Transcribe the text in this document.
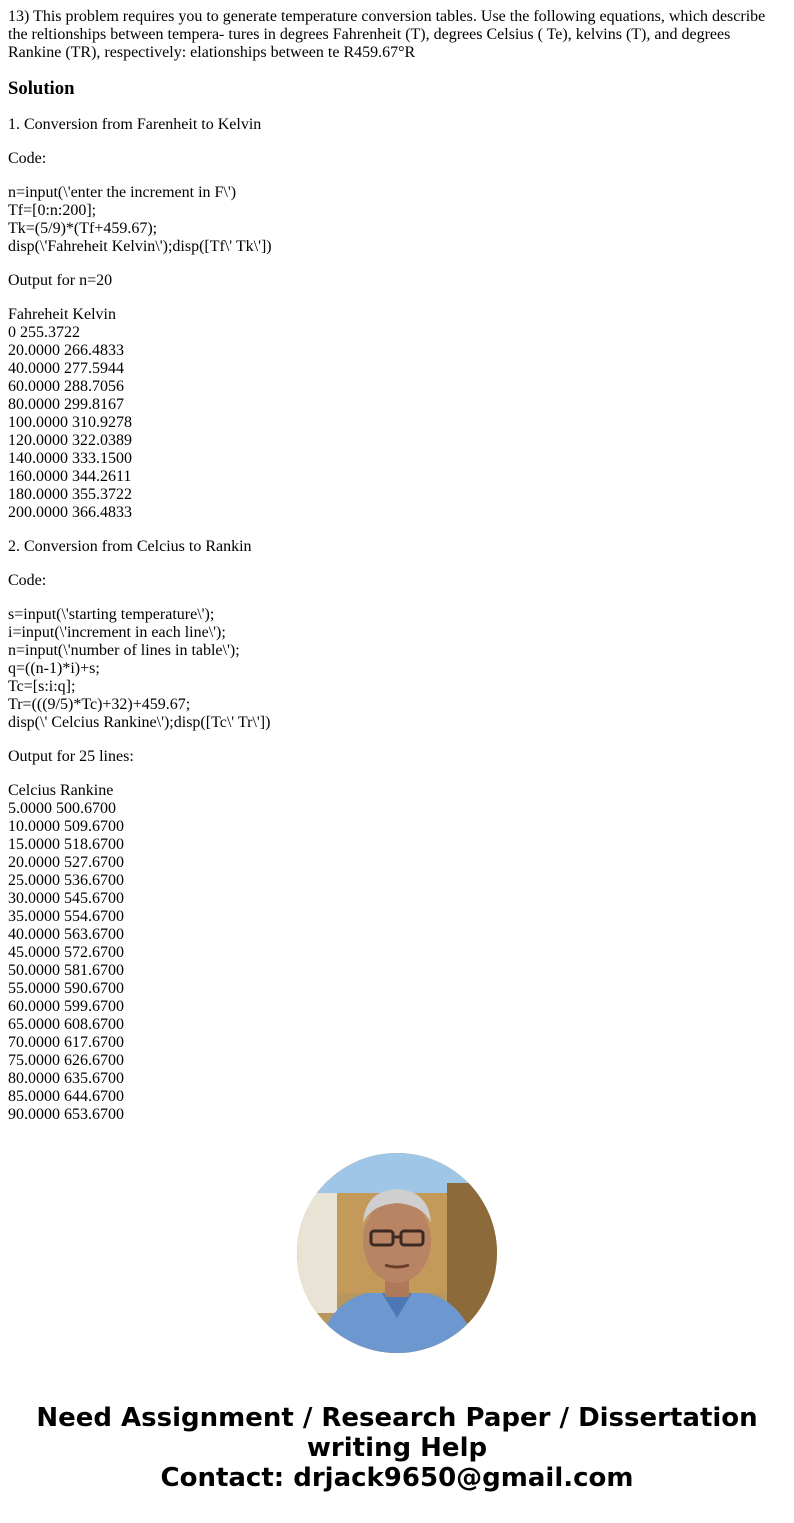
13) This problem requires you to generate temperature conversion tables. Use the following equations, which describe the reltionships between tempera- tures in degrees Fahrenheit (T), degrees Celsius ( Te), kelvins (T), and degrees Rankine (TR), respectively: elationships between te R459.67°R

Solution

1. Conversion from Farenheit to Kelvin

Code:

n=input(\'enter the increment in F\')
Tf=[0:n:200];
Tk=(5/9)*(Tf+459.67);
disp(\'Fahreheit Kelvin\');disp([Tf\' Tk\'])

Output for n=20

Fahreheit Kelvin
0 255.3722
20.0000 266.4833
40.0000 277.5944
60.0000 288.7056
80.0000 299.8167
100.0000 310.9278
120.0000 322.0389
140.0000 333.1500
160.0000 344.2611
180.0000 355.3722
200.0000 366.4833

2. Conversion from Celcius to Rankin

Code:

s=input(\'starting temperature\');
i=input(\'increment in each line\');
n=input(\'number of lines in table\');
q=((n-1)*i)+s;
Tc=[s:i:q];
Tr=(((9/5)*Tc)+32)+459.67;
disp(\' Celcius Rankine\');disp([Tc\' Tr\'])

Output for 25 lines:

Celcius Rankine
5.0000 500.6700
10.0000 509.6700
15.0000 518.6700
20.0000 527.6700
25.0000 536.6700
30.0000 545.6700
35.0000 554.6700
40.0000 563.6700
45.0000 572.6700
50.0000 581.6700
55.0000 590.6700
60.0000 599.6700
65.0000 608.6700
70.0000 617.6700
75.0000 626.6700
80.0000 635.6700
85.0000 644.6700
90.0000 653.6700

Need Assignment / Research Paper / Dissertation
writing Help
Contact: drjack9650@gmail.com
